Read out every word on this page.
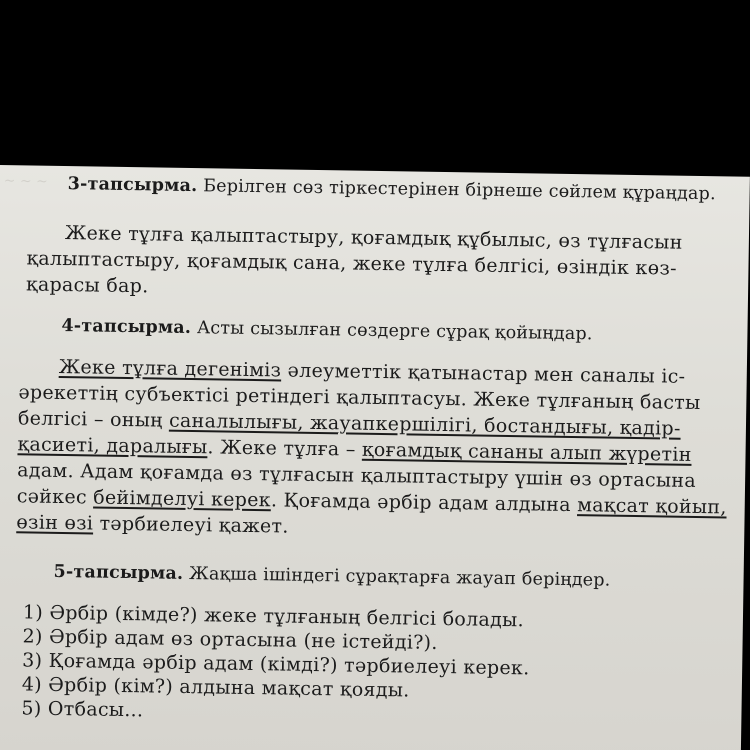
~ ~ ~ 3-тапсырма. Берілген сөз тіркестерінен бірнеше сөйлем құраңдар.
Жеке тұлға қалыптастыру, қоғамдық құбылыс, өз тұлғасын
қалыптастыру, қоғамдық сана, жеке тұлға белгісі, өзіндік көз-
қарасы бар.
4-тапсырма. Асты сызылған сөздерге сұрақ қойыңдар.
Жеке тұлға дегеніміз әлеуметтік қатынастар мен саналы іс-
әрекеттің субъектісі ретіндегі қалыптасуы. Жеке тұлғаның басты
белгісі – оның саналылығы, жауапкершілігі, бостандығы, қадір-
қасиеті, даралығы. Жеке тұлға – қоғамдық сананы алып жүретін
адам. Адам қоғамда өз тұлғасын қалыптастыру үшін өз ортасына
сәйкес бейімделуі керек. Қоғамда әрбір адам алдына мақсат қойып,
өзін өзі тәрбиелеуі қажет.
5-тапсырма. Жақша ішіндегі сұрақтарға жауап беріңдер.
1) Әрбір (кімде?) жеке тұлғаның белгісі болады.
2) Әрбір адам өз ортасына (не істейді?).
3) Қоғамда әрбір адам (кімді?) тәрбиелеуі керек.
4) Әрбір (кім?) алдына мақсат қояды.
5) Отбасы...
